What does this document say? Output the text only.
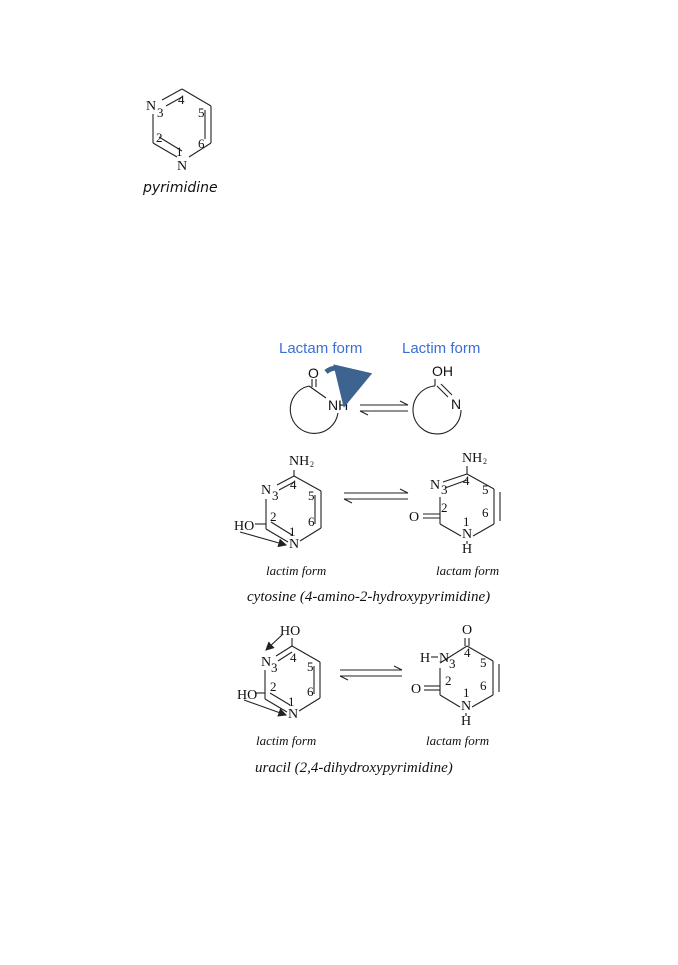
N 3
4
5
6
2
1
N
pyrimidine
Lactam form	Lactim form
O
NH
OH
N
NH 2
N 3
4
5
2 6
HO	1
N
NH 2
N 3
4
5
2	6
O	1
N
H
lactim form	lactam form
cytosine (4-amino-2-hydroxypyrimidine)
HO
N 3
4
5
2 6
HO 1
N
O
H N 3
4
5
2 6
O	1
N
H
lactim form	lactam form
uracil (2,4-dihydroxypyrimidine)
